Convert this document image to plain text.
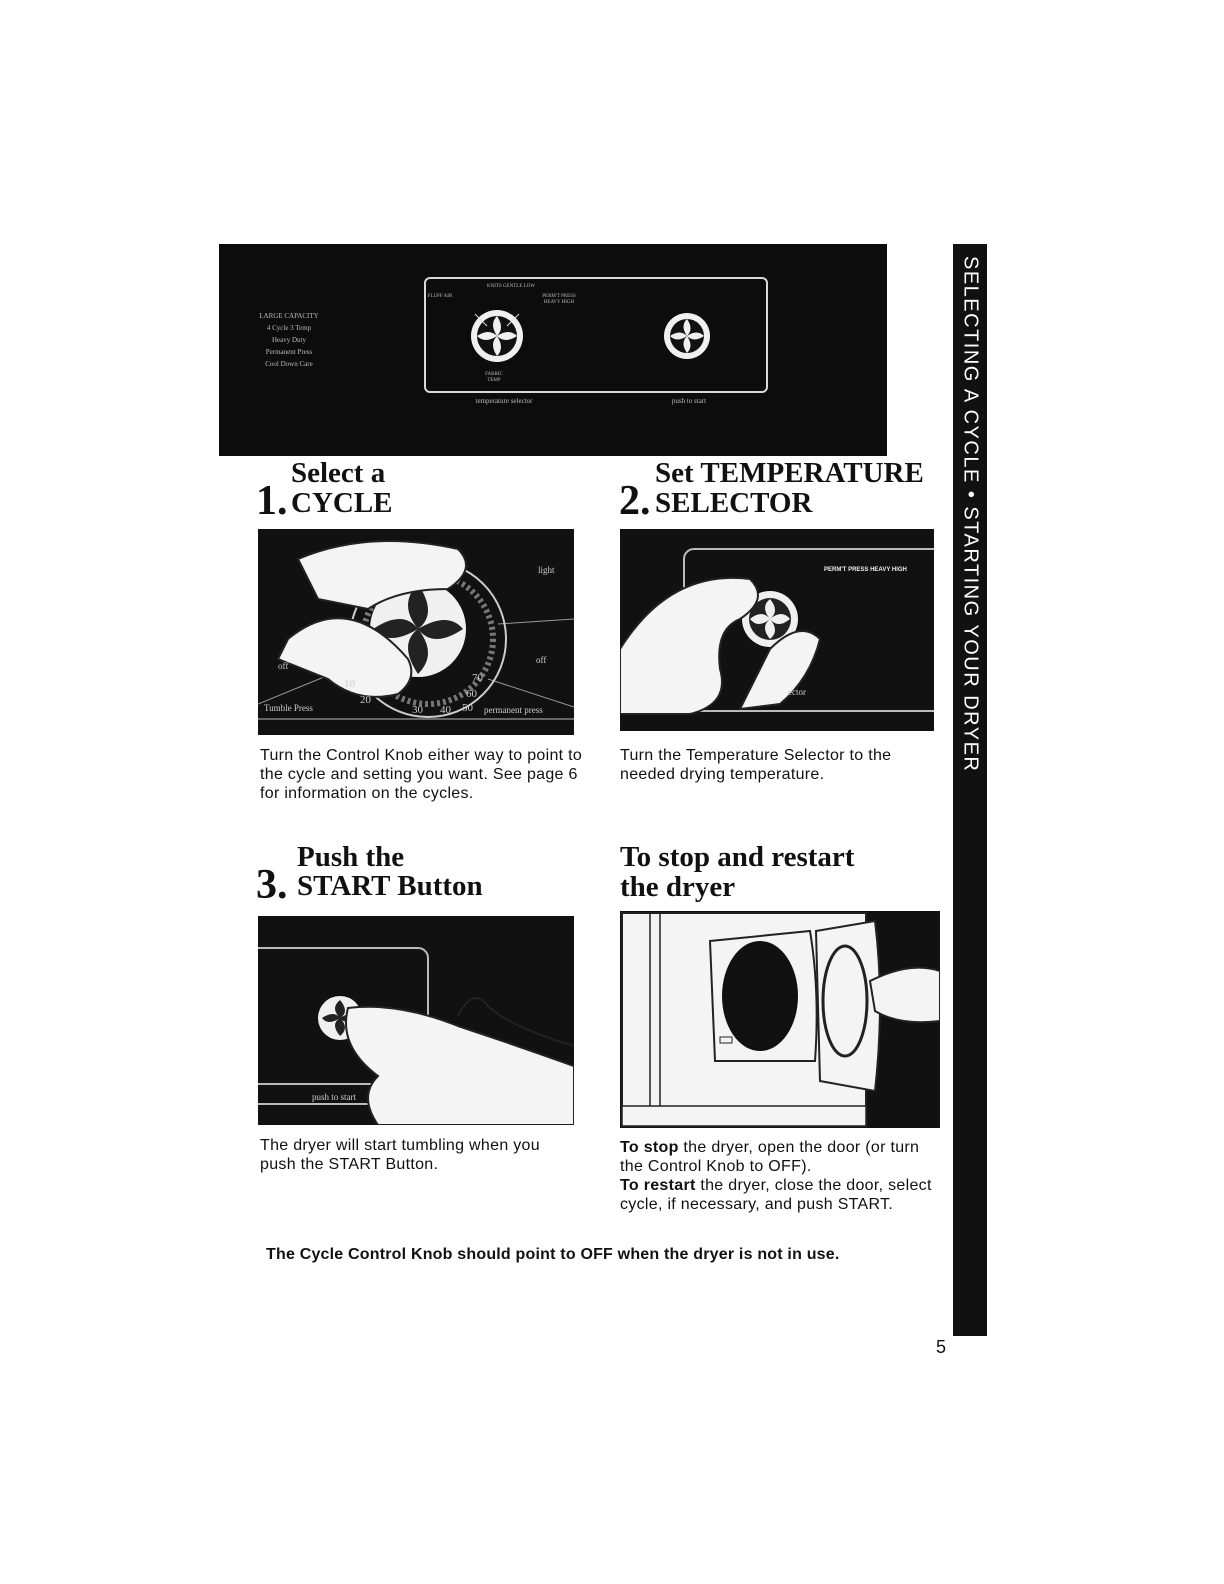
SELECTING A CYCLE • STARTING YOUR DRYER
LARGE CAPACITY
4 Cycle 3 Temp
Heavy Duty
Permanent Press
Cool Down Care
KNITS GENTLE LOW
FLUFF AIR	PERM'T PRESS HEAVY HIGH
FABRIC TEMP
temperature selector	push to start
Select a
1. CYCLE
light
off
off
Tumble Press	permanent press
10
20
30 40 50
60
70
Turn the Control Knob either way to point to the cycle and setting you want. See page 6 for information on the cycles.
Set TEMPERATURE
2. SELECTOR
PERM'T PRESS HEAVY HIGH
ector
Turn the Temperature Selector to the needed drying temperature.
Push the
3. START Button
push to start
The dryer will start tumbling when you push the START Button.
To stop and restart
the dryer
To stop the dryer, open the door (or turn the Control Knob to OFF).
To restart the dryer, close the door, select cycle, if necessary, and push START.
The Cycle Control Knob should point to OFF when the dryer is not in use.
5
